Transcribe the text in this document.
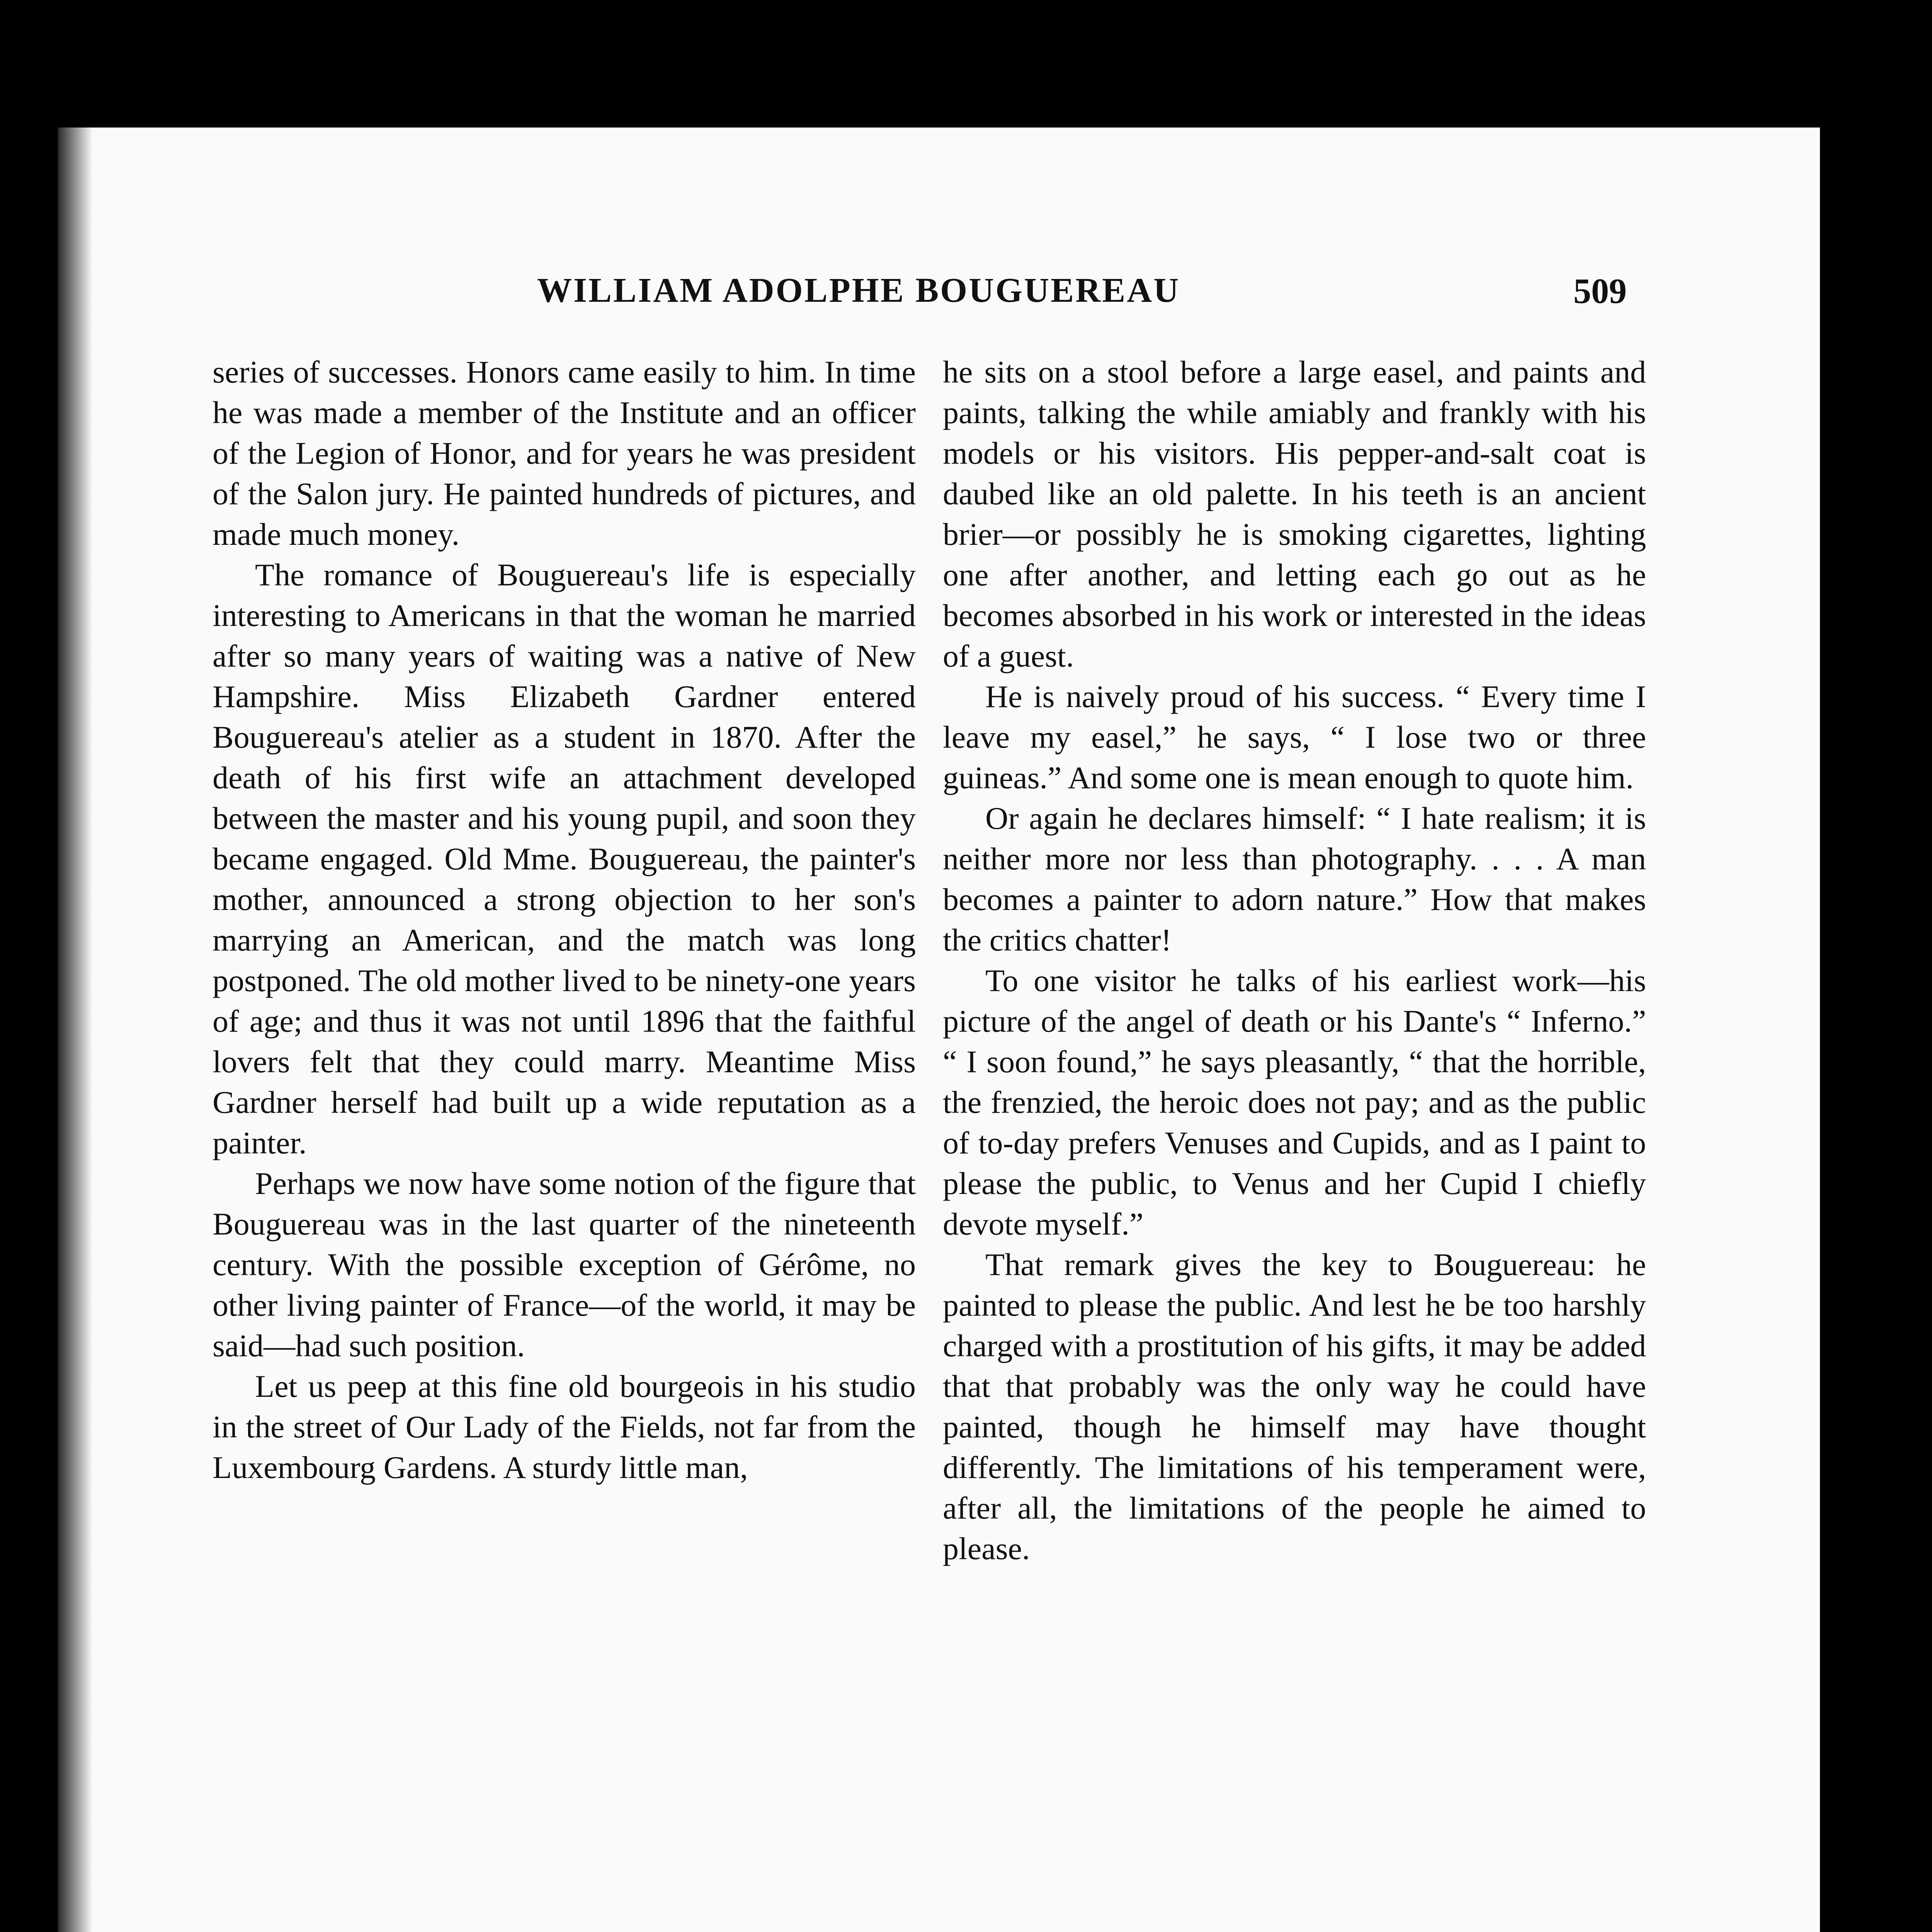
WILLIAM ADOLPHE BOUGUEREAU	509

series of successes. Honors came easily to him. In time he was made a member of the Institute and an officer of the Legion of Honor, and for years he was president of the Salon jury. He painted hundreds of pictures, and made much money.

The romance of Bouguereau's life is especially interesting to Americans in that the woman he married after so many years of waiting was a native of New Hampshire. Miss Elizabeth Gardner entered Bouguereau's atelier as a student in 1870. After the death of his first wife an attachment developed between the master and his young pupil, and soon they became engaged. Old Mme. Bouguereau, the painter's mother, announced a strong objection to her son's marrying an American, and the match was long postponed. The old mother lived to be ninety-one years of age; and thus it was not until 1896 that the faithful lovers felt that they could marry. Meantime Miss Gardner herself had built up a wide reputation as a painter.

Perhaps we now have some notion of the figure that Bouguereau was in the last quarter of the nineteenth century. With the possible exception of Gérôme, no other living painter of France—of the world, it may be said—had such position.

Let us peep at this fine old bourgeois in his studio in the street of Our Lady of the Fields, not far from the Luxembourg Gardens. A sturdy little man,

he sits on a stool before a large easel, and paints and paints, talking the while amiably and frankly with his models or his visitors. His pepper-and-salt coat is daubed like an old palette. In his teeth is an ancient brier—or possibly he is smoking cigarettes, lighting one after another, and letting each go out as he becomes absorbed in his work or interested in the ideas of a guest.

He is naively proud of his success. “ Every time I leave my easel,” he says, “ I lose two or three guineas.” And some one is mean enough to quote him.

Or again he declares himself: “ I hate realism; it is neither more nor less than photography. . . . A man becomes a painter to adorn nature.” How that makes the critics chatter!

To one visitor he talks of his earliest work—his picture of the angel of death or his Dante's “ Inferno.” “ I soon found,” he says pleasantly, “ that the horrible, the frenzied, the heroic does not pay; and as the public of to-day prefers Venuses and Cupids, and as I paint to please the public, to Venus and her Cupid I chiefly devote myself.”

That remark gives the key to Bouguereau: he painted to please the public. And lest he be too harshly charged with a prostitution of his gifts, it may be added that that probably was the only way he could have painted, though he himself may have thought differently. The limitations of his temperament were, after all, the limitations of the people he aimed to please.
